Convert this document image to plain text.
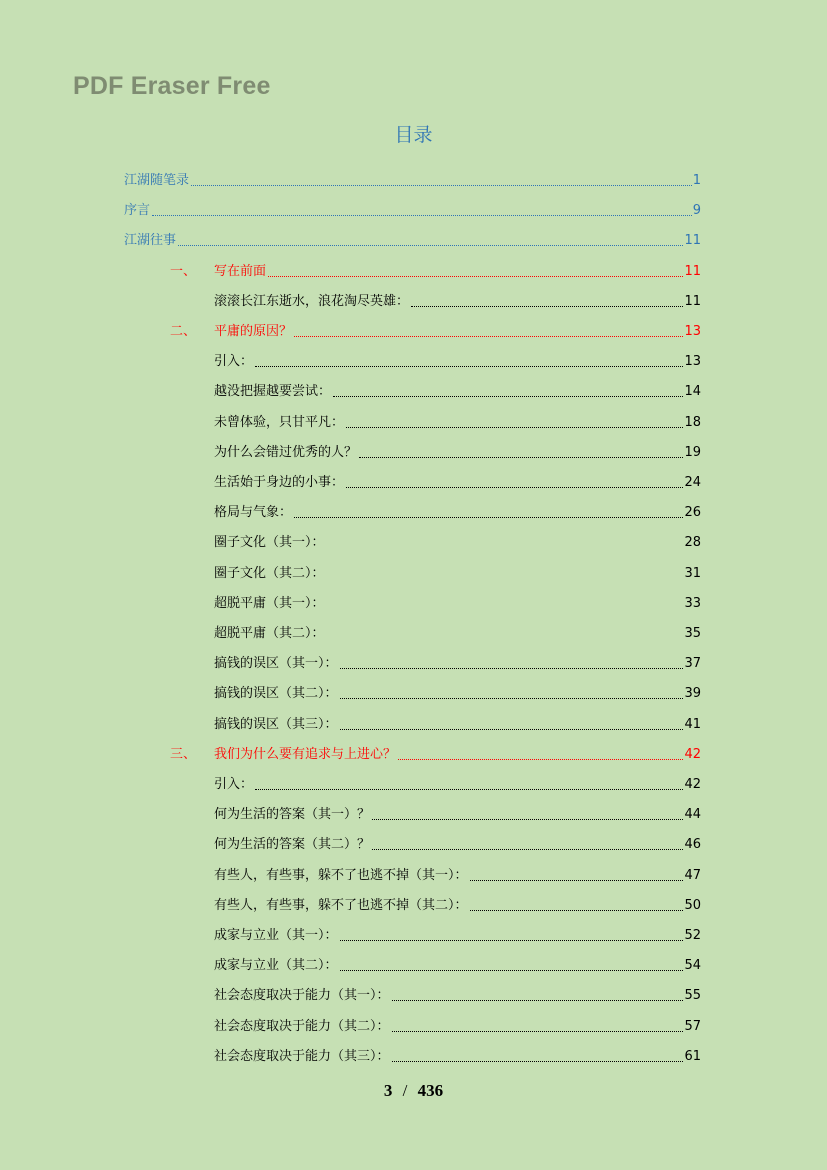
PDF Eraser Free
目录
江湖随笔录	1
序言	9
江湖往事	11
一、	写在前面	11
滚滚长江东逝水，浪花淘尽英雄：	11
二、	平庸的原因？	13
引入：	13
越没把握越要尝试：	14
未曾体验，只甘平凡：	18
为什么会错过优秀的人？	19
生活始于身边的小事：	24
格局与气象：	26
圈子文化（其一）：	28
圈子文化（其二）：	31
超脱平庸（其一）：	33
超脱平庸（其二）：	35
搞钱的误区（其一）：	37
搞钱的误区（其二）：	39
搞钱的误区（其三）：	41
三、	我们为什么要有追求与上进心？	42
引入：	42
何为生活的答案（其一）？	44
何为生活的答案（其二）？	46
有些人，有些事，躲不了也逃不掉（其一）：	47
有些人，有些事，躲不了也逃不掉（其二）：	50
成家与立业（其一）：	52
成家与立业（其二）：	54
社会态度取决于能力（其一）：	55
社会态度取决于能力（其二）：	57
社会态度取决于能力（其三）：	61
3 / 436
